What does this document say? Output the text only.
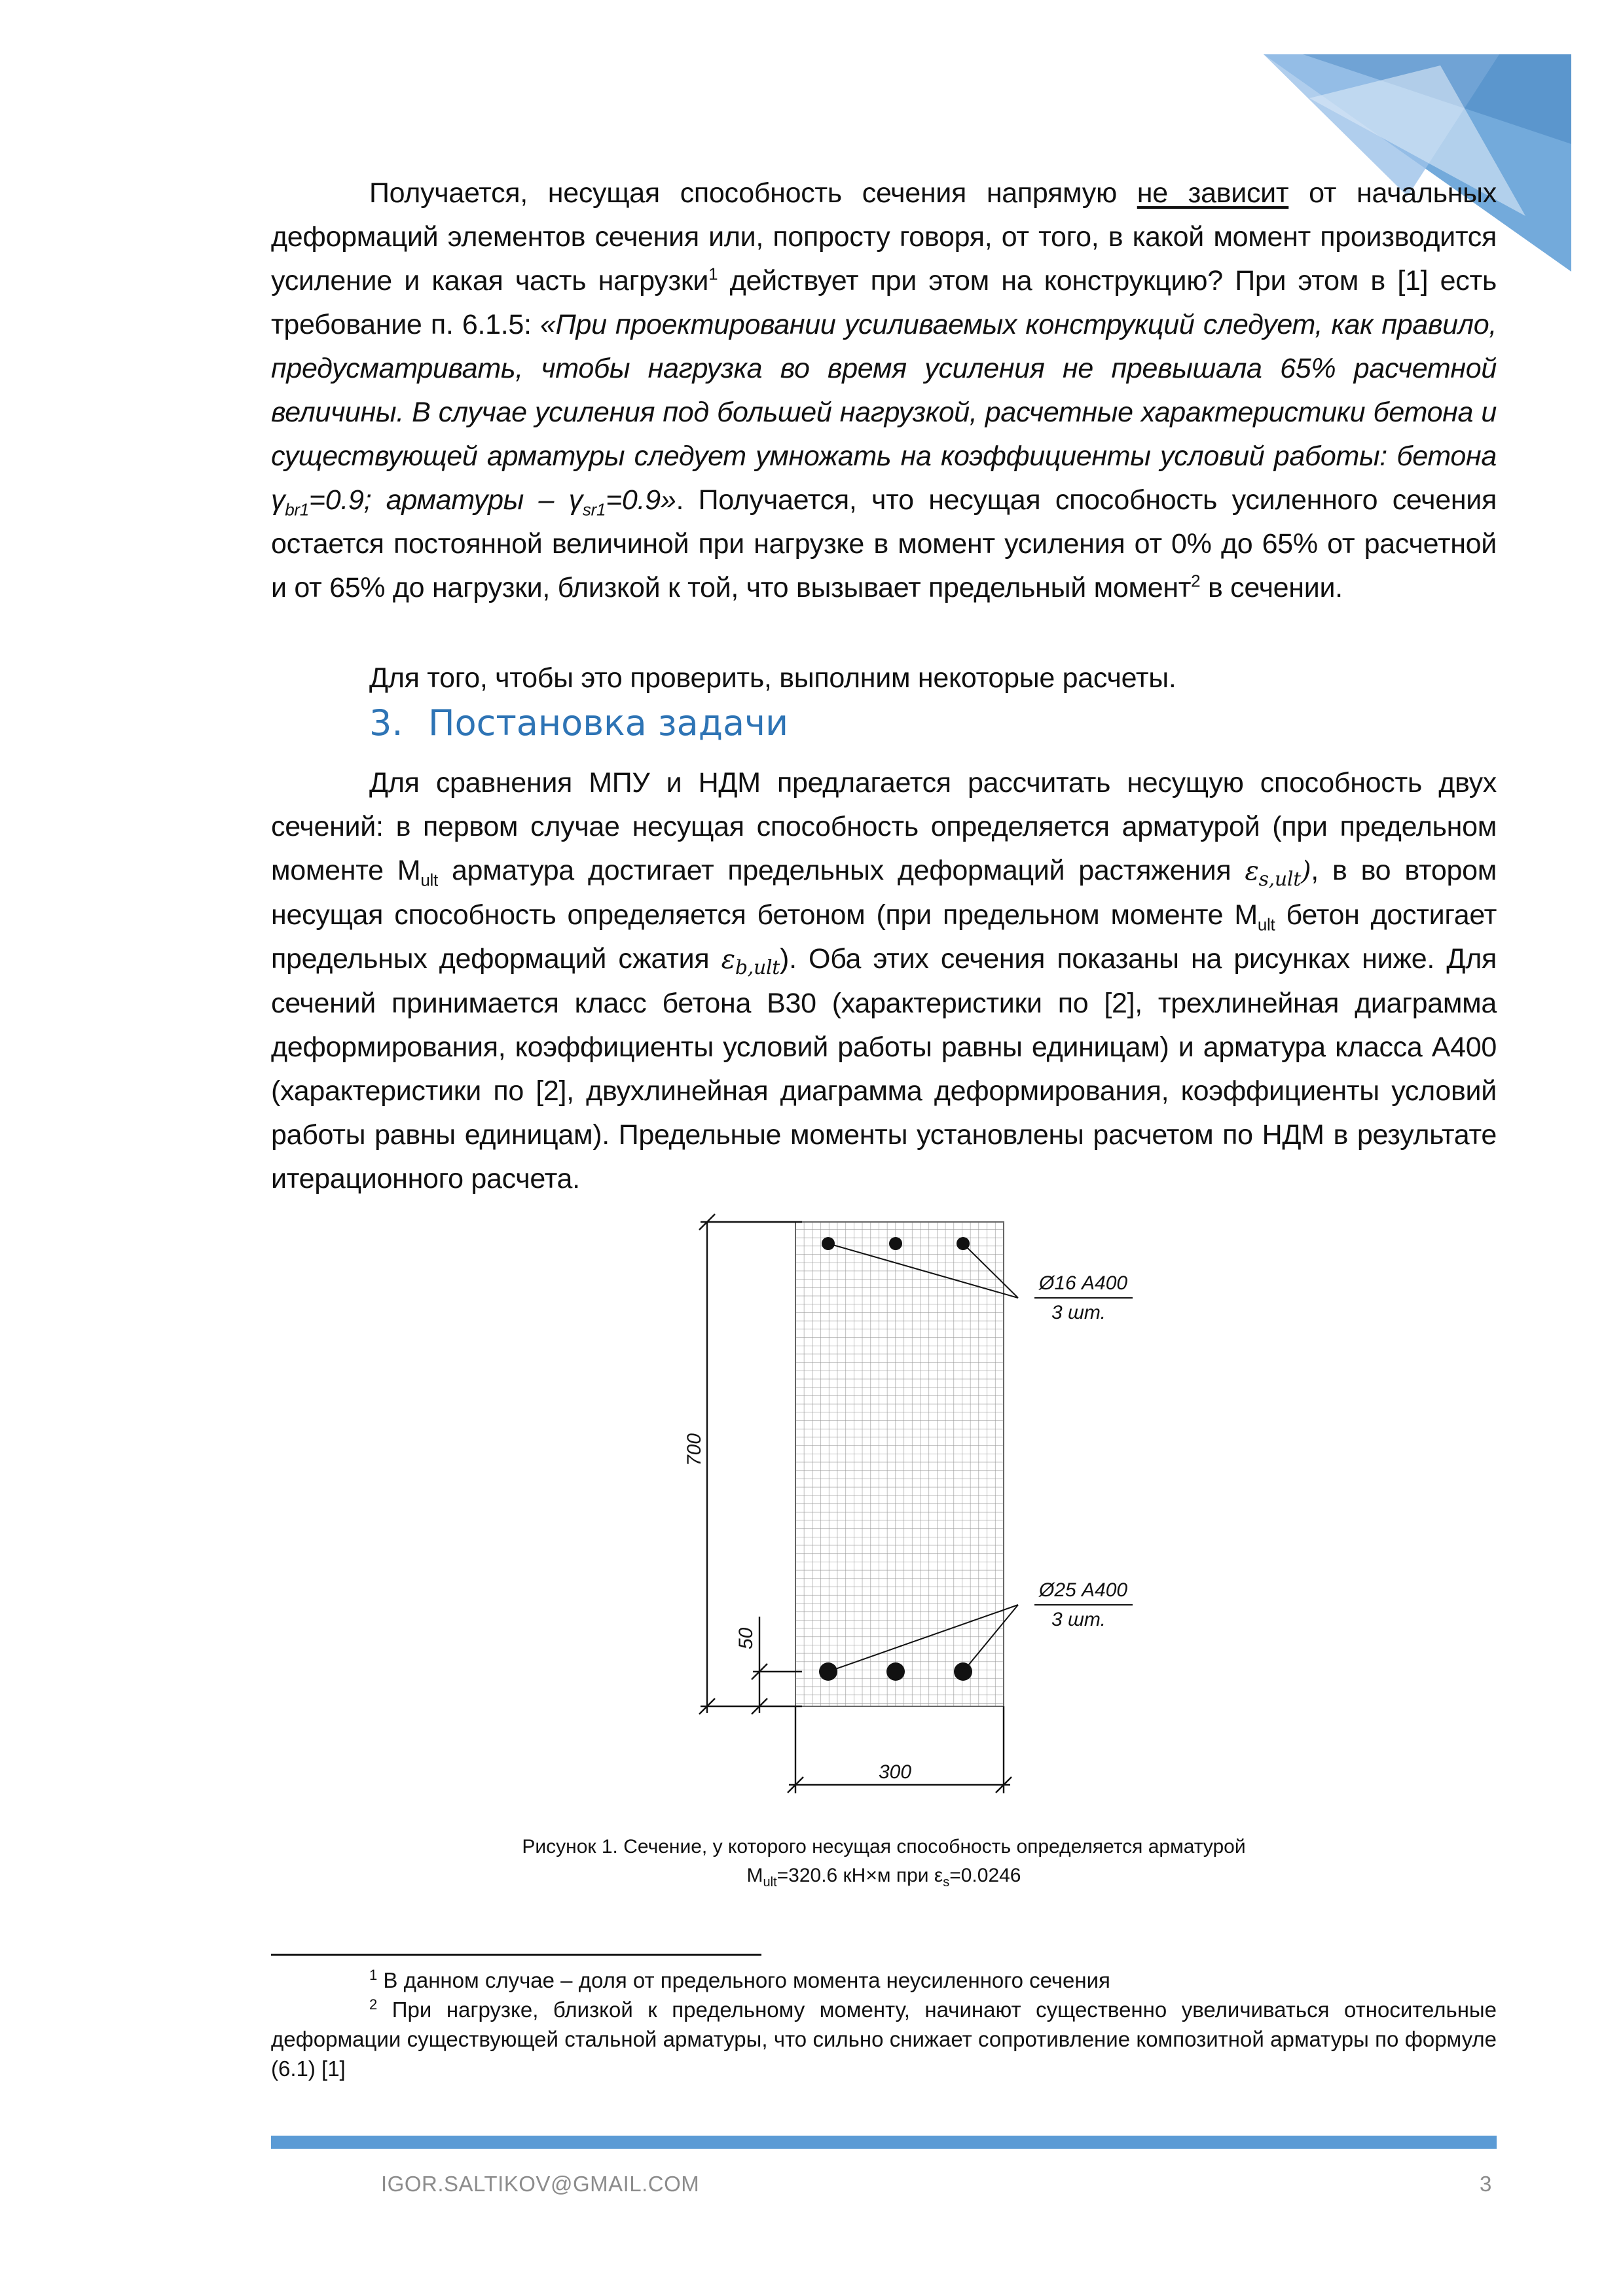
Получается, несущая способность сечения напрямую не зависит от начальных деформаций элементов сечения или, попросту говоря, от того, в какой момент производится усиление и какая часть нагрузки$^1$ действует при этом на конструкцию? При этом в [1] есть требование п. 6.1.5: «При проектировании усиливаемых конструкций следует, как правило, предусматривать, чтобы нагрузка во время усиления не превышала 65% расчетной величины. В случае усиления под большей нагрузкой, расчетные характеристики бетона и существующей арматуры следует умножать на коэффициенты условий работы: бетона $\gamma_{br1}=0.9$; арматуры – $\gamma_{sr1}=0.9$». Получается, что несущая способность усиленного сечения остается постоянной величиной при нагрузке в момент усиления от 0% до 65% от расчетной и от 65% до нагрузки, близкой к той, что вызывает предельный момент$^2$ в сечении.

Для того, чтобы это проверить, выполним некоторые расчеты.

3. Постановка задачи

Для сравнения МПУ и НДМ предлагается рассчитать несущую способность двух сечений: в первом случае несущая способность определяется арматурой (при предельном моменте $M_{ult}$ арматура достигает предельных деформаций растяжения $\varepsilon_{s,ult}$), в во втором несущая способность определяется бетоном (при предельном моменте $M_{ult}$ бетон достигает предельных деформаций сжатия $\varepsilon_{b,ult}$). Оба этих сечения показаны на рисунках ниже. Для сечений принимается класс бетона B30 (характеристики по [2], трехлинейная диаграмма деформирования, коэффициенты условий работы равны единицам) и арматура класса А400 (характеристики по [2], двухлинейная диаграмма деформирования, коэффициенты условий работы равны единицам). Предельные моменты установлены расчетом по НДМ в результате итерационного расчета.

700
50
300
Ø16 А400
3 шт.
Ø25 А400
3 шт.
Рисунок 1. Сечение, у которого несущая способность определяется арматурой
$M_{ult}=320.6$ кН×м при $\varepsilon_s=0.0246$

$^1$ В данном случае – доля от предельного момента неусиленного сечения

$^2$ При нагрузке, близкой к предельному моменту, начинают существенно увеличиваться относительные деформации существующей стальной арматуры, что сильно снижает сопротивление композитной арматуры по формуле (6.1) [1]

IGOR.SALTIKOV@GMAIL.COM	3
